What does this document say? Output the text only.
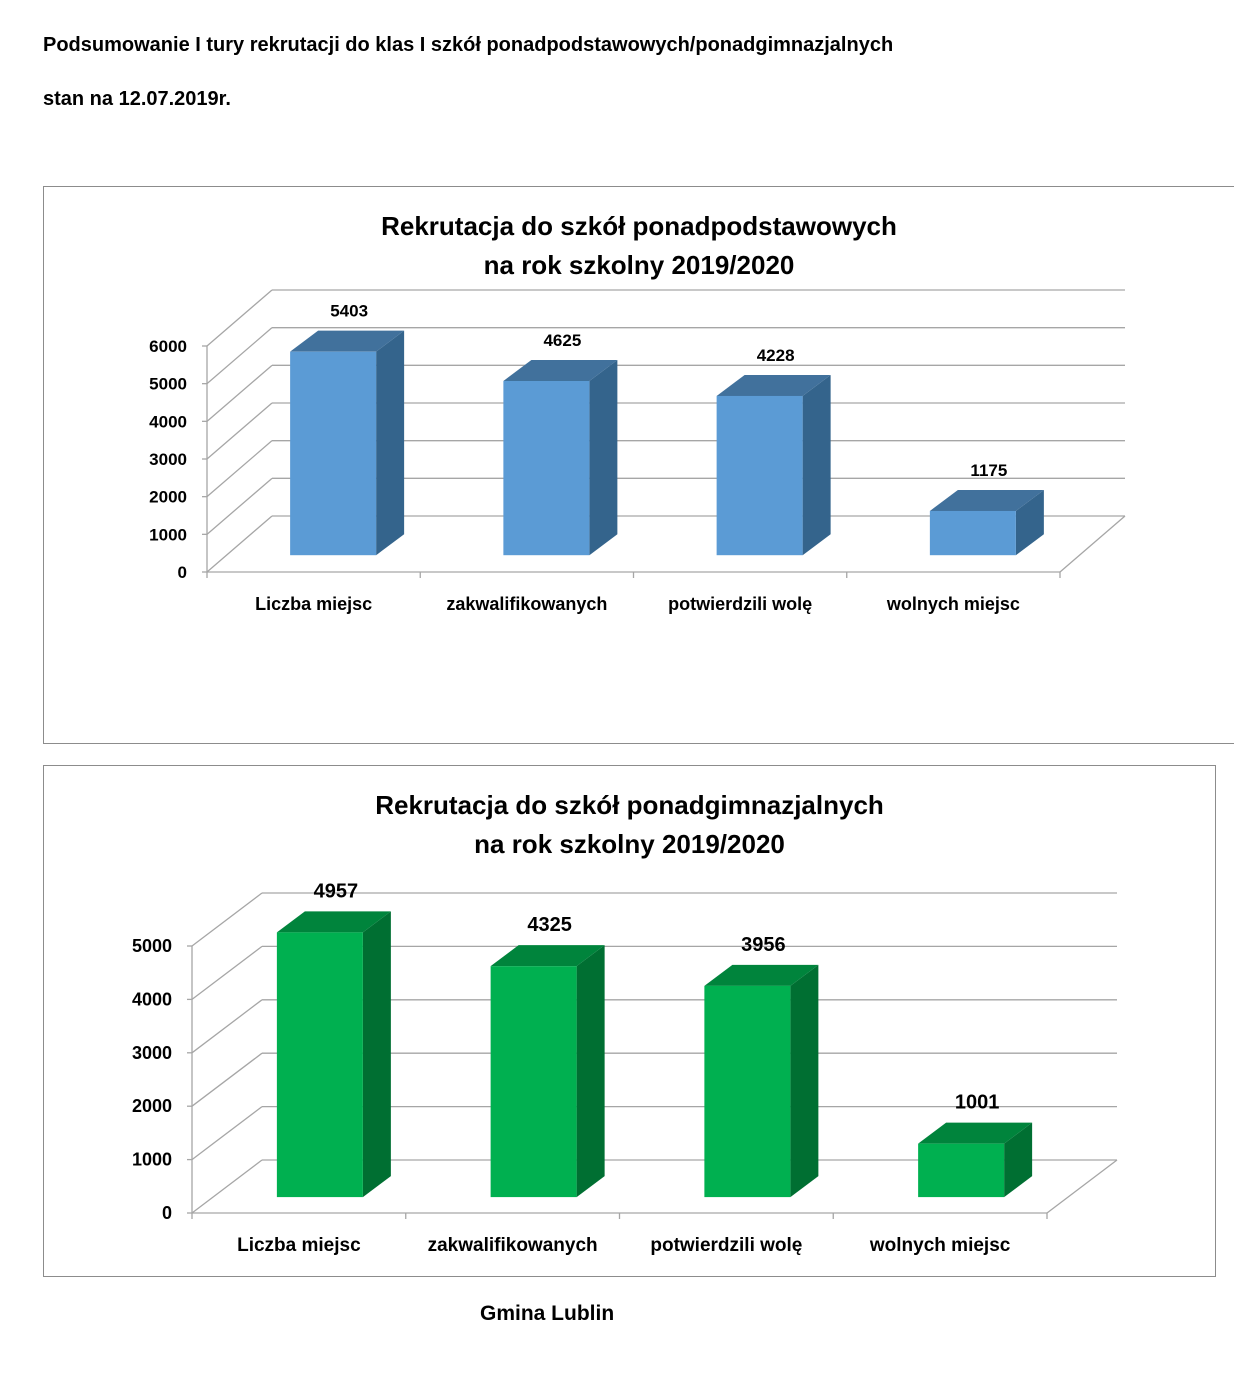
Podsumowanie I tury rekrutacji do klas I szkół ponadpodstawowych/ponadgimnazjalnych
stan na 12.07.2019r.
Rekrutacja do szkół ponadpodstawowych
na rok szkolny 2019/2020
Rekrutacja do szkół ponadgimnazjalnych
na rok szkolny 2019/2020
0
1000
2000
3000
4000
5000
6000
5403
Liczba miejsc
4625
zakwalifikowanych
4228
potwierdzili wolę
1175
wolnych miejsc
0
1000
2000
3000
4000
5000
4957
Liczba miejsc
4325
zakwalifikowanych
3956
potwierdzili wolę
1001
wolnych miejsc
Gmina Lublin
